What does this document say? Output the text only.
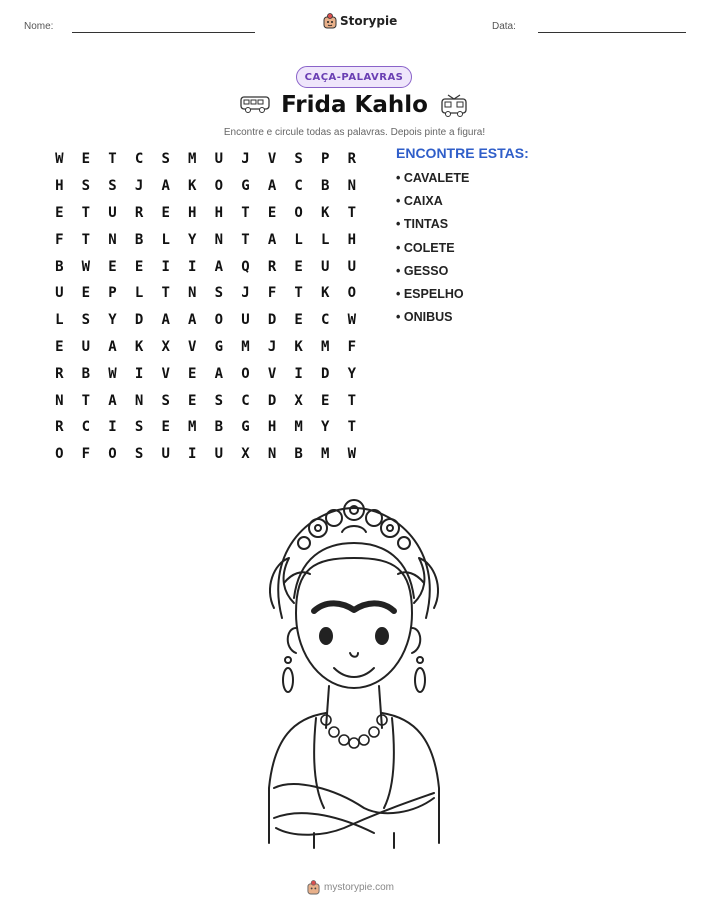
Nome:	Storypie	Data:
CAÇA-PALAVRAS
Frida Kahlo
Encontre e circule todas as palavras. Depois pinte a figura!
W	E	T	C	S	M	U	J	V	S	P	R
H	S	S	J	A	K	O	G	A	C	B	N
E	T	U	R	E	H	H	T	E	O	K	T
F	T	N	B	L	Y	N	T	A	L	L	H
B	W	E	E	I	I	A	Q	R	E	U	U
U	E	P	L	T	N	S	J	F	T	K	O
L	S	Y	D	A	A	O	U	D	E	C	W
E	U	A	K	X	V	G	M	J	K	M	F
R	B	W	I	V	E	A	O	V	I	D	Y
N	T	A	N	S	E	S	C	D	X	E	T
R	C	I	S	E	M	B	G	H	M	Y	T
O	F	O	S	U	I	U	X	N	B	M	W
ENCONTRE ESTAS:
• CAVALETE
• CAIXA
• TINTAS
• COLETE
• GESSO
• ESPELHO
• ONIBUS
mystorypie.com
